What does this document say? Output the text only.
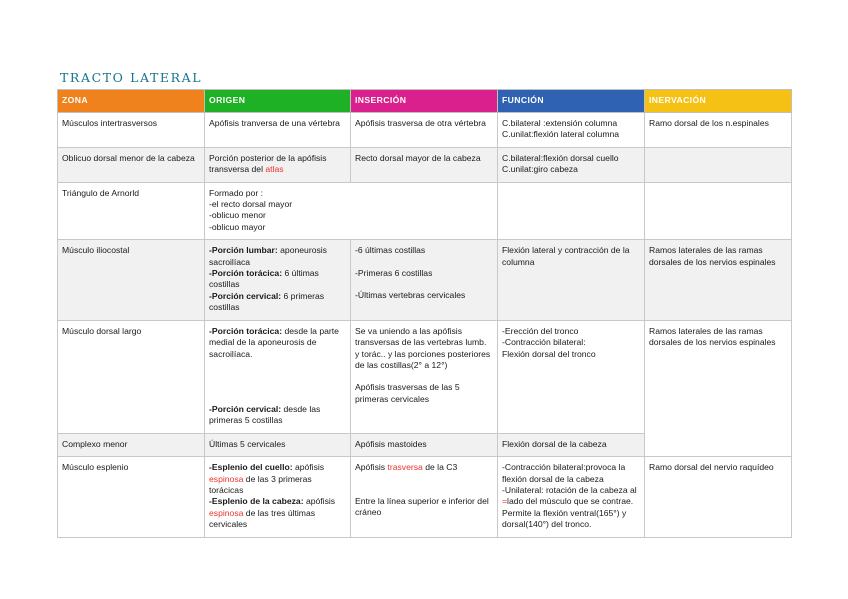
TRACTO LATERAL
ZONA	ORIGEN	INSERCIÓN	FUNCIÓN	INERVACIÓN
Músculos intertrasversos	Apófisis tranversa de una vértebra	Apófisis trasversa de otra vértebra	C.bilateral :extensión columna
C.unilat:flexión lateral columna	Ramo dorsal de los n.espinales
Oblicuo dorsal menor de la cabeza	Porción posterior de la apófisis transversa del atlas	Recto dorsal mayor de la cabeza	C.bilateral:flexión dorsal cuello
C.unilat:giro cabeza	

Triángulo de Arnorld	Formado por :
-el recto dorsal mayor
-oblicuo menor
-oblicuo mayor			

Músculo iliocostal	-Porción lumbar: aponeurosis sacroilíaca
-Porción torácica: 6 últimas costillas
-Porción cervical: 6 primeras costillas	-6 últimas costillas
-Primeras 6 costillas
-Últimas vertebras cervicales	Flexión lateral y contracción de la columna	Ramos laterales de las ramas dorsales de los nervios espinales
Músculo dorsal largo	-Porción torácica: desde la parte medial de la aponeurosis de sacroilíaca.
-Porción cervical: desde las primeras 5 costillas	Se va uniendo a las apófisis transversas de las vertebras lumb. y torác.. y las porciones posteriores de las costillas(2° a 12°)
Apófisis trasversas de las 5 primeras cervicales	-Erección del tronco
-Contracción bilateral:
Flexión dorsal del tronco	Ramos laterales de las ramas dorsales de los nervios espinales
Complexo menor	Últimas 5 cervicales	Apófisis mastoides	Flexión dorsal de la cabeza	
Músculo esplenio	-Esplenio del cuello: apófisis espinosa de las 3 primeras torácicas
-Esplenio de la cabeza: apófisis espinosa de las tres últimas cervicales	Apófisis trasversa de la C3
Entre la línea superior e inferior del cráneo	-Contracción bilateral:provoca la flexión dorsal de la cabeza
-Unilateral: rotación de la cabeza al =lado del músculo que se contrae.
Permite la flexión ventral(165°) y dorsal(140°) del tronco.	Ramo dorsal del nervio raquídeo
